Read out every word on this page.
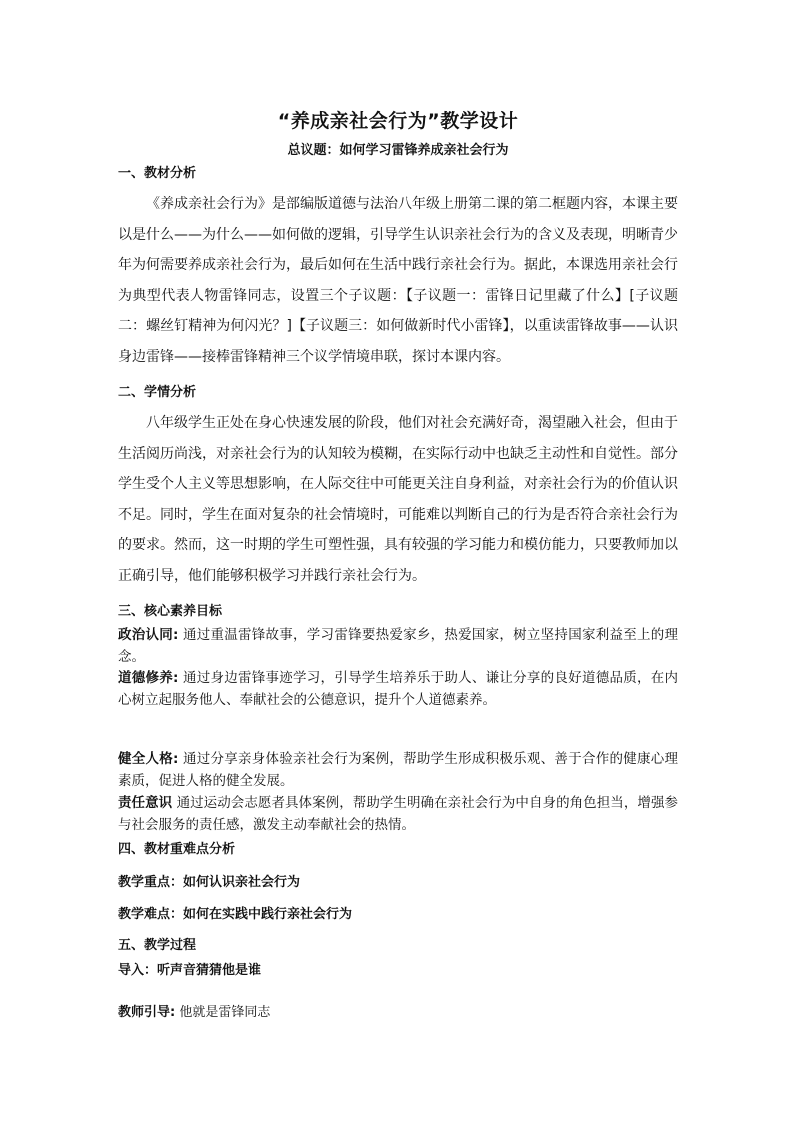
“养成亲社会行为”教学设计
总议题：如何学习雷锋养成亲社会行为
一、教材分析
《养成亲社会行为》是部编版道德与法治八年级上册第二课的第二框题内容，本课主要以是什么——为什么——如何做的逻辑，引导学生认识亲社会行为的含义及表现，明晰青少年为何需要养成亲社会行为，最后如何在生活中践行亲社会行为。据此，本课选用亲社会行为典型代表人物雷锋同志，设置三个子议题：【子议题一：雷锋日记里藏了什么】[子议题二：螺丝钉精神为何闪光？]【子议题三：如何做新时代小雷锋】，以重读雷锋故事——认识身边雷锋——接棒雷锋精神三个议学情境串联，探讨本课内容。
二、学情分析
八年级学生正处在身心快速发展的阶段，他们对社会充满好奇，渴望融入社会，但由于生活阅历尚浅，对亲社会行为的认知较为模糊，在实际行动中也缺乏主动性和自觉性。部分学生受个人主义等思想影响，在人际交往中可能更关注自身利益，对亲社会行为的价值认识不足。同时，学生在面对复杂的社会情境时，可能难以判断自己的行为是否符合亲社会行为的要求。然而，这一时期的学生可塑性强，具有较强的学习能力和模仿能力，只要教师加以正确引导，他们能够积极学习并践行亲社会行为。
三、核心素养目标
政治认同: 通过重温雷锋故事，学习雷锋要热爱家乡，热爱国家，树立坚持国家利益至上的理念。
道德修养: 通过身边雷锋事迹学习，引导学生培养乐于助人、谦让分享的良好道德品质，在内心树立起服务他人、奉献社会的公德意识，提升个人道德素养。
健全人格: 通过分享亲身体验亲社会行为案例，帮助学生形成积极乐观、善于合作的健康心理素质，促进人格的健全发展。
责任意识 通过运动会志愿者具体案例，帮助学生明确在亲社会行为中自身的角色担当，增强参与社会服务的责任感，激发主动奉献社会的热情。
四、教材重难点分析
教学重点：如何认识亲社会行为
教学难点：如何在实践中践行亲社会行为
五、教学过程
导入：听声音猜猜他是谁
教师引导: 他就是雷锋同志
